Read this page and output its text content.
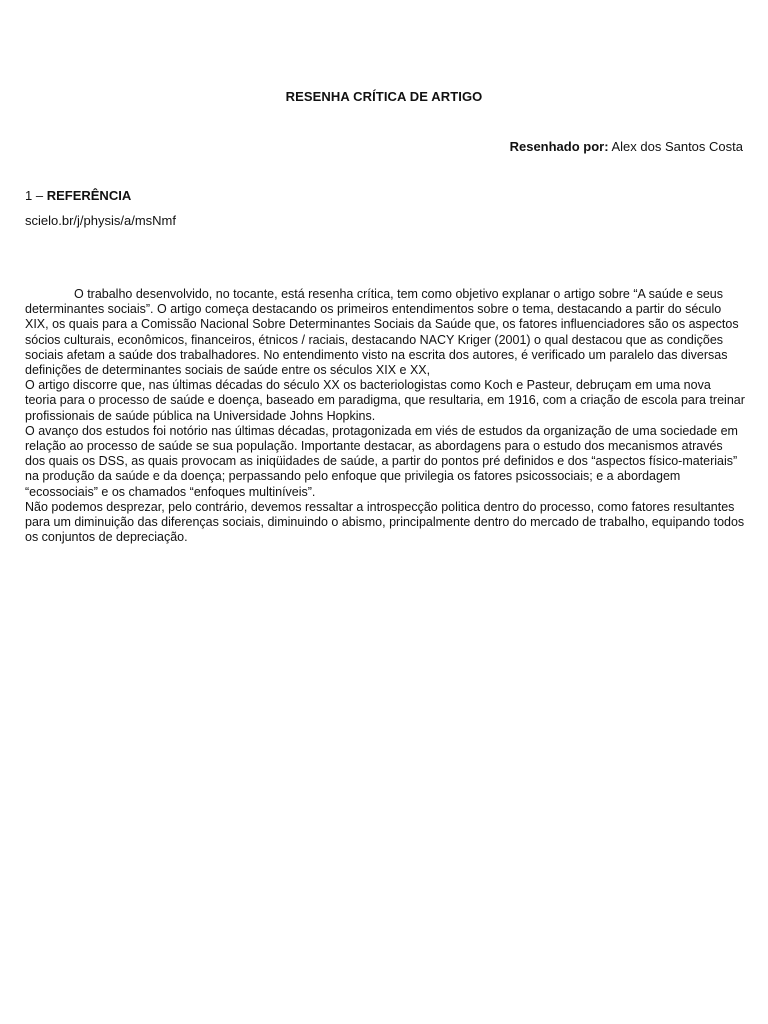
RESENHA CRÍTICA DE ARTIGO
Resenhado por: Alex dos Santos Costa
1 – REFERÊNCIA
scielo.br/j/physis/a/msNmf

O trabalho desenvolvido, no tocante, está resenha crítica, tem como objetivo explanar o artigo sobre “A saúde e seus determinantes sociais”. O artigo começa destacando os primeiros entendimentos sobre o tema, destacando a partir do século XIX, os quais para a Comissão Nacional Sobre Determinantes Sociais da Saúde que, os fatores influenciadores são os aspectos sócios culturais, econômicos, financeiros, étnicos / raciais, destacando NACY Kriger (2001) o qual destacou que as condições sociais afetam a saúde dos trabalhadores. No entendimento visto na escrita dos autores, é verificado um paralelo das diversas definições de determinantes sociais de saúde entre os séculos XIX e XX,

O artigo discorre que, nas últimas décadas do século XX os bacteriologistas como Koch e Pasteur, debruçam em uma nova teoria para o processo de saúde e doença, baseado em paradigma, que resultaria, em 1916, com a criação de escola para treinar profissionais de saúde pública na Universidade Johns Hopkins.

O avanço dos estudos foi notório nas últimas décadas, protagonizada em viés de estudos da organização de uma sociedade em relação ao processo de saúde se sua população. Importante destacar, as abordagens para o estudo dos mecanismos através dos quais os DSS, as quais provocam as iniqüidades de saúde, a partir do pontos pré definidos e dos “aspectos físico-materiais” na produção da saúde e da doença; perpassando pelo enfoque que privilegia os fatores psicossociais; e a abordagem “ecossociais” e os chamados “enfoques multiníveis”.

Não podemos desprezar, pelo contrário, devemos ressaltar a introspecção politica dentro do processo, como fatores resultantes para um diminuição das diferenças sociais, diminuindo o abismo, principalmente dentro do mercado de trabalho, equipando todos os conjuntos de depreciação.
